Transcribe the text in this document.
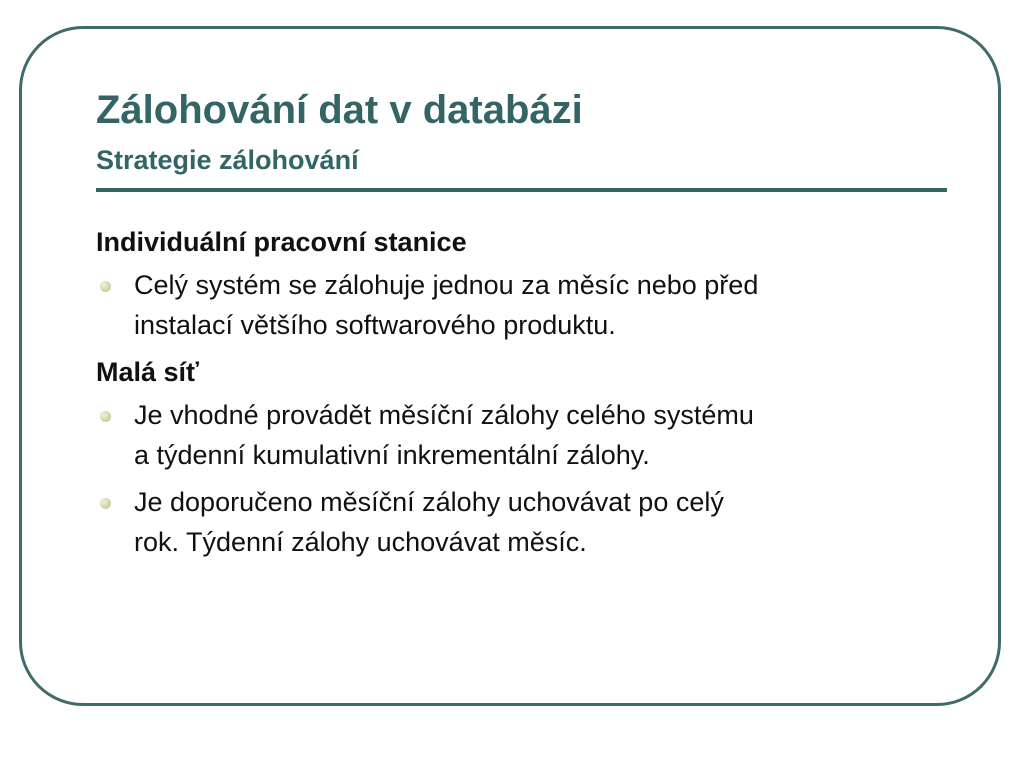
Zálohování dat v databázi
Strategie zálohování
Individuální pracovní stanice
Celý systém se zálohuje jednou za měsíc nebo před
instalací většího softwarového produktu.
Malá síť
Je vhodné provádět měsíční zálohy celého systému
a týdenní kumulativní inkrementální zálohy.
Je doporučeno měsíční zálohy uchovávat po celý
rok. Týdenní zálohy uchovávat měsíc.
